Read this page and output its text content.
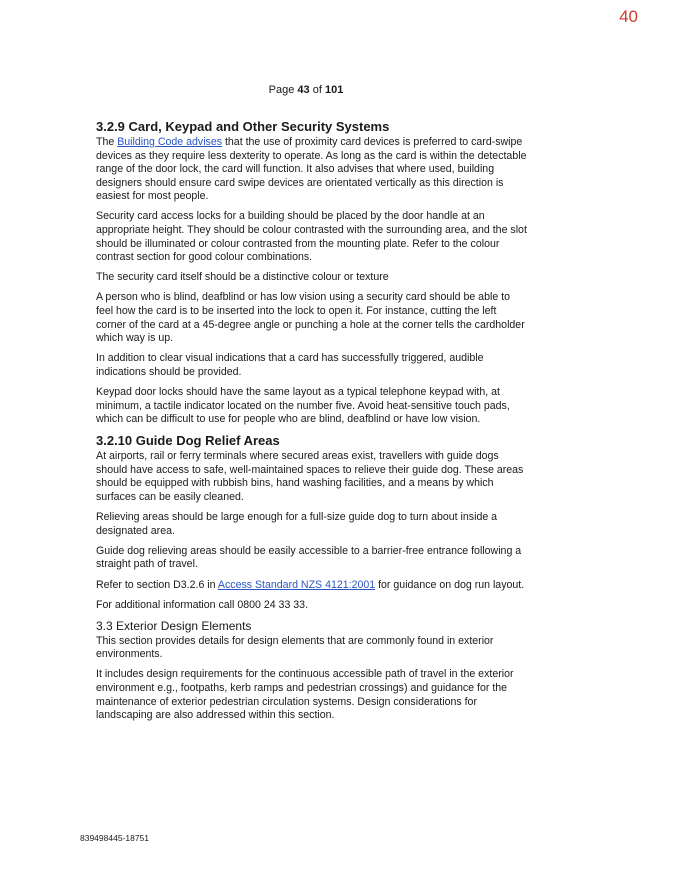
40
Page 43 of 101
3.2.9 Card, Keypad and Other Security Systems

The Building Code advises that the use of proximity card devices is preferred to card-swipe devices as they require less dexterity to operate. As long as the card is within the detectable range of the door lock, the card will function. It also advises that where used, building designers should ensure card swipe devices are orientated vertically as this direction is easiest for most people.

Security card access locks for a building should be placed by the door handle at an appropriate height. They should be colour contrasted with the surrounding area, and the slot should be illuminated or colour contrasted from the mounting plate. Refer to the colour contrast section for good colour combinations.

The security card itself should be a distinctive colour or texture

A person who is blind, deafblind or has low vision using a security card should be able to feel how the card is to be inserted into the lock to open it. For instance, cutting the left corner of the card at a 45-degree angle or punching a hole at the corner tells the cardholder which way is up.

In addition to clear visual indications that a card has successfully triggered, audible indications should be provided.

Keypad door locks should have the same layout as a typical telephone keypad with, at minimum, a tactile indicator located on the number five. Avoid heat-sensitive touch pads, which can be difficult to use for people who are blind, deafblind or have low vision.

3.2.10 Guide Dog Relief Areas

At airports, rail or ferry terminals where secured areas exist, travellers with guide dogs should have access to safe, well-maintained spaces to relieve their guide dog. These areas should be equipped with rubbish bins, hand washing facilities, and a means by which surfaces can be easily cleaned.

Relieving areas should be large enough for a full-size guide dog to turn about inside a designated area.

Guide dog relieving areas should be easily accessible to a barrier-free entrance following a straight path of travel.

Refer to section D3.2.6 in Access Standard NZS 4121:2001 for guidance on dog run layout.

For additional information call 0800 24 33 33.

3.3 Exterior Design Elements

This section provides details for design elements that are commonly found in exterior environments.

It includes design requirements for the continuous accessible path of travel in the exterior environment e.g., footpaths, kerb ramps and pedestrian crossings) and guidance for the maintenance of exterior pedestrian circulation systems. Design considerations for landscaping are also addressed within this section.

839498445-18751
